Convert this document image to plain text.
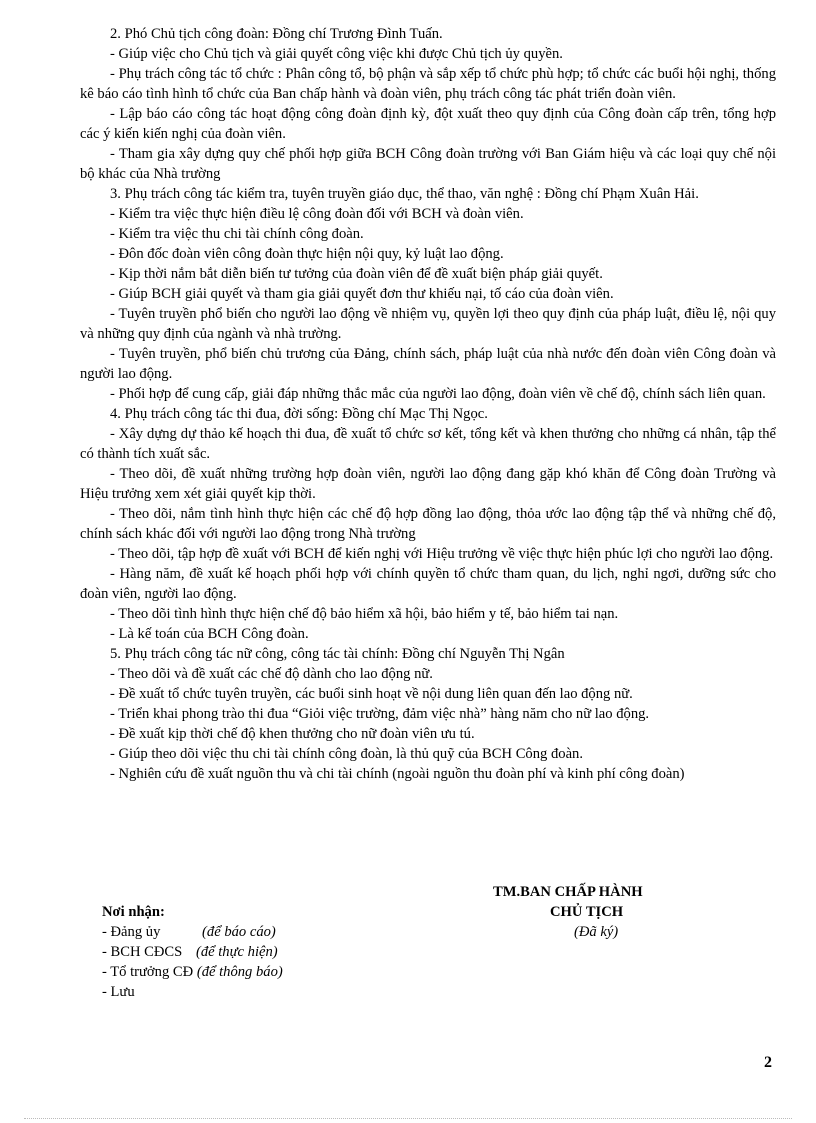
2. Phó Chủ tịch công đoàn: Đồng chí Trương Đình Tuấn.

- Giúp việc cho Chủ tịch và giải quyết công việc khi được Chủ tịch ủy quyền.

- Phụ trách công tác tổ chức : Phân công tổ, bộ phận và sắp xếp tổ chức phù hợp; tổ chức các buổi hội nghị, thống kê báo cáo tình hình tổ chức của Ban chấp hành và đoàn viên, phụ trách công tác phát triển đoàn viên.

- Lập báo cáo công tác hoạt động công đoàn định kỳ, đột xuất theo quy định của Công đoàn cấp trên, tổng hợp các ý kiến kiến nghị của đoàn viên.

- Tham gia xây dựng quy chế phối hợp giữa BCH Công đoàn trường với Ban Giám hiệu và các loại quy chế nội bộ khác của Nhà trường

3. Phụ trách công tác kiểm tra, tuyên truyền giáo dục, thể thao, văn nghệ : Đồng chí Phạm Xuân Hải.

- Kiểm tra việc thực hiện điều lệ công đoàn đối với BCH và đoàn viên.

- Kiểm tra việc thu chi tài chính công đoàn.

- Đôn đốc đoàn viên công đoàn thực hiện nội quy, kỷ luật lao động.

- Kịp thời nắm bắt diễn biến tư tưởng của đoàn viên để đề xuất biện pháp giải quyết.

- Giúp BCH giải quyết và tham gia giải quyết đơn thư khiếu nại, tố cáo của đoàn viên.

- Tuyên truyền phổ biến cho người lao động về nhiệm vụ, quyền lợi theo quy định của pháp luật, điều lệ, nội quy và những quy định của ngành và nhà trường.

- Tuyên truyền, phổ biến chủ trương của Đảng, chính sách, pháp luật của nhà nước đến đoàn viên Công đoàn và người lao động.

- Phối hợp để cung cấp, giải đáp những thắc mắc của người lao động, đoàn viên về chế độ, chính sách liên quan.

4. Phụ trách công tác thi đua, đời sống: Đồng chí Mạc Thị Ngọc.

- Xây dựng dự thảo kế hoạch thi đua, đề xuất tổ chức sơ kết, tổng kết và khen thưởng cho những cá nhân, tập thể có thành tích xuất sắc.

- Theo dõi, đề xuất những trường hợp đoàn viên, người lao động đang gặp khó khăn để Công đoàn Trường và Hiệu trưởng xem xét giải quyết kịp thời.

- Theo dõi, nắm tình hình thực hiện các chế độ hợp đồng lao động, thỏa ước lao động tập thể và những chế độ, chính sách khác đối với người lao động trong Nhà trường

- Theo dõi, tập hợp đề xuất với BCH để kiến nghị với Hiệu trưởng về việc thực hiện phúc lợi cho người lao động.

- Hàng năm, đề xuất kế hoạch phối hợp với chính quyền tổ chức tham quan, du lịch, nghỉ ngơi, dưỡng sức cho đoàn viên, người lao động.

- Theo dõi tình hình thực hiện chế độ bảo hiểm xã hội, bảo hiểm y tế, bảo hiểm tai nạn.

- Là kế toán của BCH Công đoàn.

5. Phụ trách công tác nữ công, công tác tài chính: Đồng chí Nguyễn Thị Ngân

- Theo dõi và đề xuất các chế độ dành cho lao động nữ.

- Đề xuất tổ chức tuyên truyền, các buổi sinh hoạt về nội dung liên quan đến lao động nữ.

- Triển khai phong trào thi đua “Giỏi việc trường, đảm việc nhà” hàng năm cho nữ lao động.

- Đề xuất kịp thời chế độ khen thưởng cho nữ đoàn viên ưu tú.

- Giúp theo dõi việc thu chi tài chính công đoàn, là thủ quỹ của BCH Công đoàn.

- Nghiên cứu đề xuất nguồn thu và chi tài chính (ngoài nguồn thu đoàn phí và kinh phí công đoàn)

TM.BAN CHẤP HÀNH
CHỦ TỊCH
(Đã ký)
Nơi nhận:
- Đảng ủy	(để báo cáo)
- BCH CĐCS (để thực hiện)
- Tổ trưởng CĐ (để thông báo)
- Lưu
2
